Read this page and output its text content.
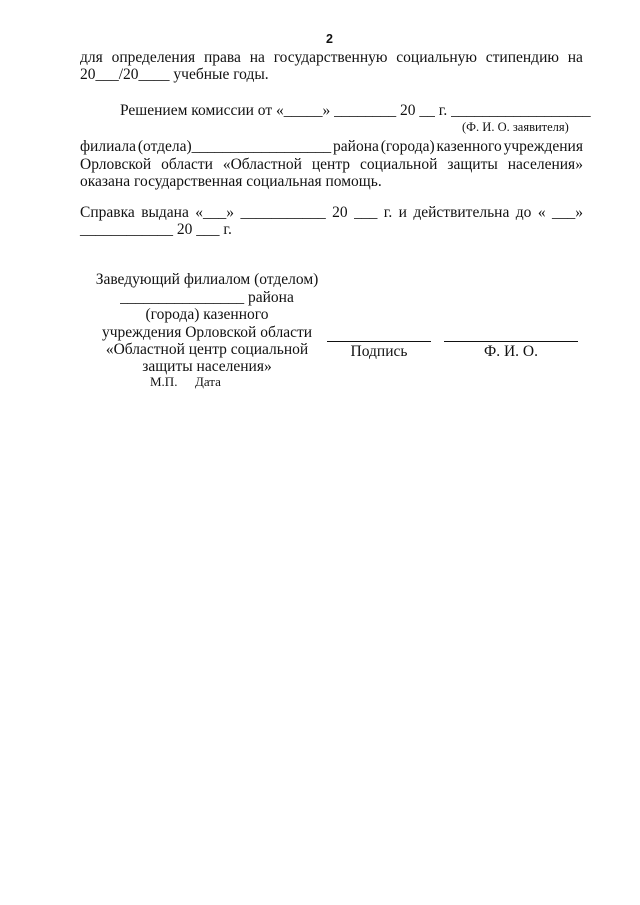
2
для определения права на государственную социальную стипендию на
20___/20____ учебные годы.
Решением комиссии от «_____» ________ 20 __ г. __________________
(Ф. И. О. заявителя)
филиала (отдела)__________________ района (города) казенного учреждения
Орловской области «Областной центр социальной защиты населения»
оказана государственная социальная помощь.
Справка выдана «___» ___________ 20 ___ г. и действительна до « ___»
____________ 20 ___ г.
Заведующий филиалом (отделом)
________________ района
(города) казенного
учреждения Орловской области
«Областной центр социальной
защиты населения»
М.П. Дата
Подпись	Ф. И. О.
